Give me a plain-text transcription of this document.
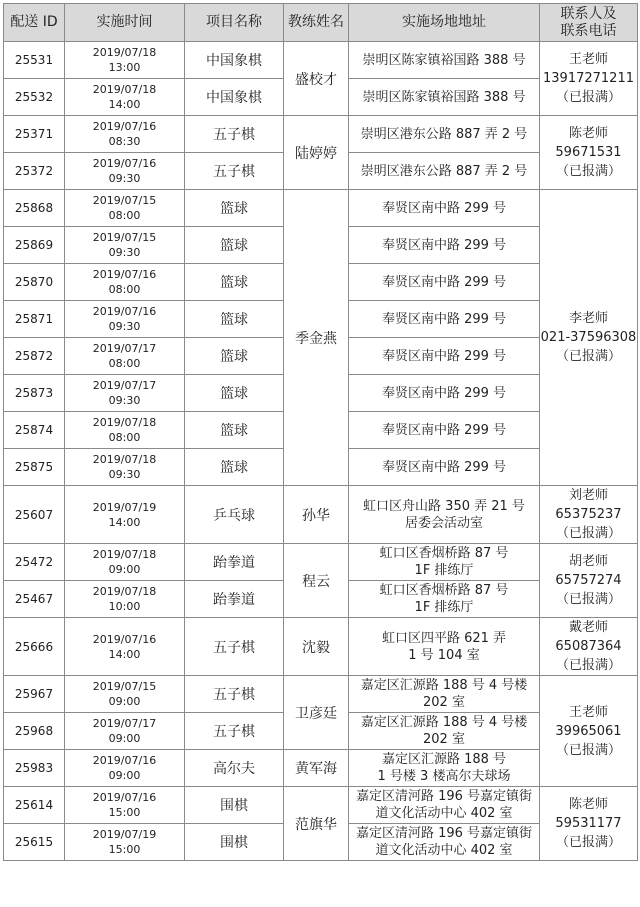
配送 ID	实施时间	项目名称	教练姓名	实施场地地址	联系人及
联系电话

25531	2019/07/18
13:00	中国象棋	盛校才	崇明区陈家镇裕国路 388 号	王老师
13917271211
（已报满）

25532	2019/07/18
14:00	中国象棋		崇明区陈家镇裕国路 388 号	

25371	2019/07/16
08:30	五子棋	陆婷婷	崇明区港东公路 887 弄 2 号	陈老师
59671531
（已报满）

25372	2019/07/16
09:30	五子棋		崇明区港东公路 887 弄 2 号	

25868	2019/07/15
08:00	篮球	季金燕	奉贤区南中路 299 号	李老师
021-37596308
（已报满）

25869	2019/07/15
09:30	篮球		奉贤区南中路 299 号	

25870	2019/07/16
08:00	篮球		奉贤区南中路 299 号	

25871	2019/07/16
09:30	篮球		奉贤区南中路 299 号	

25872	2019/07/17
08:00	篮球		奉贤区南中路 299 号	

25873	2019/07/17
09:30	篮球		奉贤区南中路 299 号	

25874	2019/07/18
08:00	篮球		奉贤区南中路 299 号	

25875	2019/07/18
09:30	篮球		奉贤区南中路 299 号	

25607	2019/07/19
14:00	乒乓球	孙华	虹口区舟山路 350 弄 21 号
居委会活动室	刘老师
65375237
（已报满）

25472	2019/07/18
09:00	跆拳道	程云	虹口区香烟桥路 87 号
1F 排练厅	胡老师
65757274
（已报满）

25467	2019/07/18
10:00	跆拳道		虹口区香烟桥路 87 号
1F 排练厅	

25666	2019/07/16
14:00	五子棋	沈毅	虹口区四平路 621 弄
1 号 104 室	戴老师
65087364
（已报满）

25967	2019/07/15
09:00	五子棋	卫彦廷	嘉定区汇源路 188 号 4 号楼
202 室	王老师
39965061
（已报满）

25968	2019/07/17
09:00	五子棋		嘉定区汇源路 188 号 4 号楼
202 室	

25983	2019/07/16
09:00	高尔夫	黄军海	嘉定区汇源路 188 号
1 号楼 3 楼高尔夫球场	

25614	2019/07/16
15:00	围棋	范旗华	嘉定区清河路 196 号嘉定镇街
道文化活动中心 402 室	陈老师
59531177
（已报满）

25615	2019/07/19
15:00	围棋		嘉定区清河路 196 号嘉定镇街
道文化活动中心 402 室	
